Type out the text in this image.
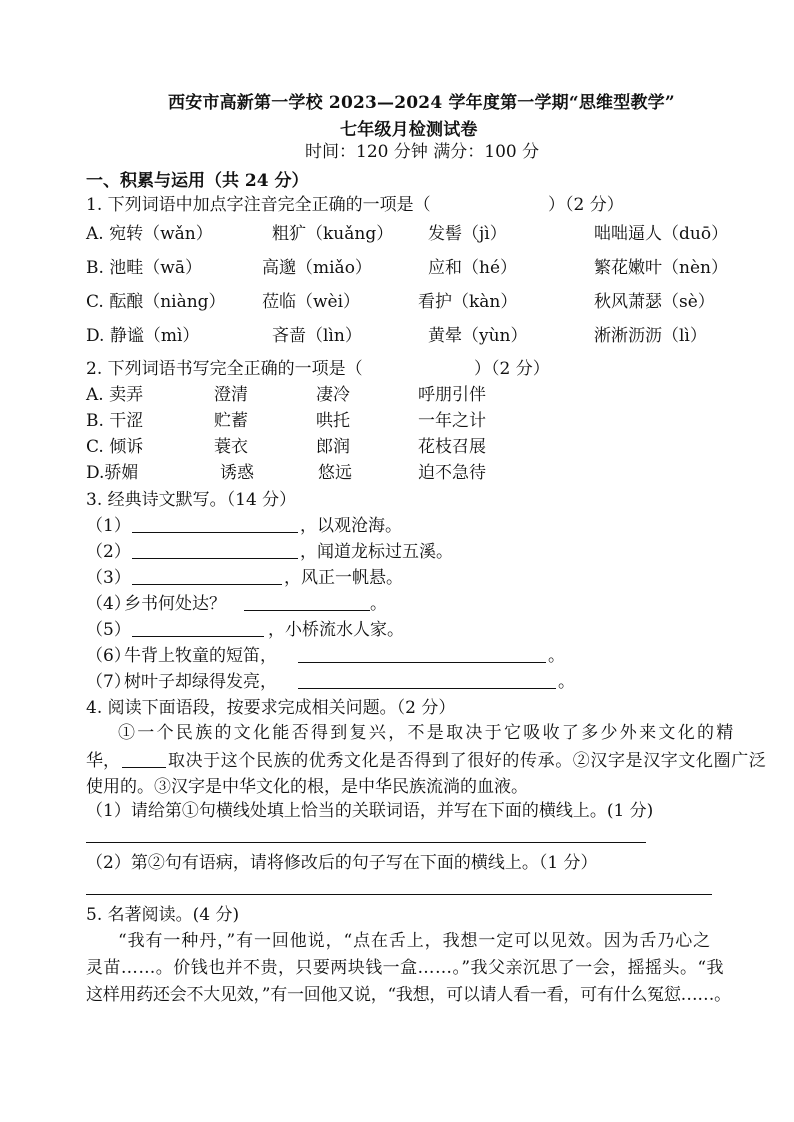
西安市高新第一学校 2023—2024 学年度第一学期“思维型教学”
七年级月检测试卷
时间：120 分钟 满分：100 分
一、积累与运用（共 24 分）
1. 下列词语中加点字注音完全正确的一项是（	）（2 分）
A. 宛转（wǎn）	粗犷（kuǎng） 发髻（jì）	咄咄逼人（duō）
B. 池畦（wā）	高邈（miǎo）	应和（hé）	繁花嫩叶（nèn）
C. 酝酿（niàng） 莅临（wèi）	看护（kàn）	秋风萧瑟（sè）
D. 静谧（mì）	吝啬（lìn）	黄晕（yùn）	淅淅沥沥（lì）
2. 下列词语书写完全正确的一项是（	）（2 分）
A. 卖弄	澄清	凄冷	呼朋引伴
B. 干涩	贮蓄	哄托	一年之计
C. 倾诉	蓑衣	郎润	花枝召展
D.骄媚	诱惑	悠远	迫不急待
3. 经典诗文默写。（14 分）
（1）	，以观沧海。
（2）	，闻道龙标过五溪。
（3）	，风正一帆悬。
（4）
乡书何处达？	。
（5）	，小桥流水人家。
（6）
牛背上牧童的短笛，	。
（7）
树叶子却绿得发亮，	。
4. 阅读下面语段，按要求完成相关问题。（2 分）
①一个民族的文化能否得到复兴，不是取决于它吸收了多少外来文化的精
华，	取决于这个民族的优秀文化是否得到了很好的传承。②汉字是汉字文化圈广泛
使用的。③汉字是中华文化的根，是中华民族流淌的血液。
（1）请给第①句横线处填上恰当的关联词语，并写在下面的横线上。(1 分)
（2）第②句有语病，请将修改后的句子写在下面的横线上。（1 分）
5. 名著阅读。(4 分)
“我有一种丹，”有一回他说，“点在舌上，我想一定可以见效。因为舌乃心之
灵苗……。价钱也并不贵，只要两块钱一盒……。”我父亲沉思了一会，摇摇头。“我
这样用药还会不大见效，”有一回他又说，“我想，可以请人看一看，可有什么冤愆……。
